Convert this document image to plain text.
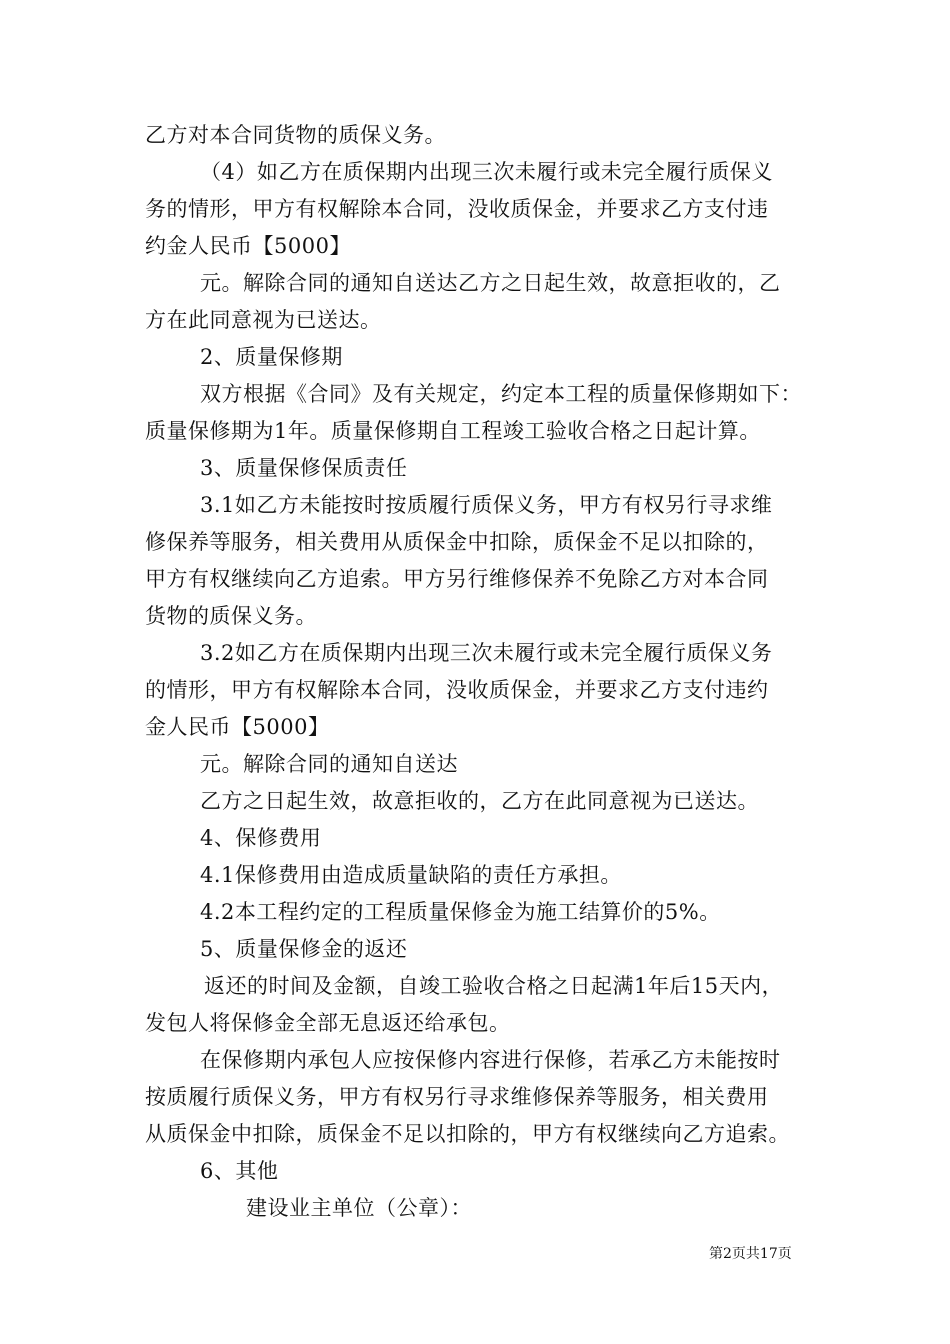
乙方对本合同货物的质保义务。

（4）如乙方在质保期内出现三次未履行或未完全履行质保义

务的情形，甲方有权解除本合同，没收质保金，并要求乙方支付违

约金人民币【5000】

元。解除合同的通知自送达乙方之日起生效，故意拒收的，乙

方在此同意视为已送达。

2、质量保修期

双方根据《合同》及有关规定，约定本工程的质量保修期如下：

质量保修期为1年。质量保修期自工程竣工验收合格之日起计算。

3、质量保修保质责任

3.1如乙方未能按时按质履行质保义务，甲方有权另行寻求维

修保养等服务，相关费用从质保金中扣除，质保金不足以扣除的，

甲方有权继续向乙方追索。甲方另行维修保养不免除乙方对本合同

货物的质保义务。

3.2如乙方在质保期内出现三次未履行或未完全履行质保义务

的情形，甲方有权解除本合同，没收质保金，并要求乙方支付违约

金人民币【5000】

元。解除合同的通知自送达

乙方之日起生效，故意拒收的，乙方在此同意视为已送达。

4、保修费用

4.1保修费用由造成质量缺陷的责任方承担。

4.2本工程约定的工程质量保修金为施工结算价的5%。

5、质量保修金的返还

返还的时间及金额，自竣工验收合格之日起满1年后15天内，

发包人将保修金全部无息返还给承包。

在保修期内承包人应按保修内容进行保修，若承乙方未能按时

按质履行质保义务，甲方有权另行寻求维修保养等服务，相关费用

从质保金中扣除，质保金不足以扣除的，甲方有权继续向乙方追索。

6、其他

建设业主单位（公章）：

第2页共17页
